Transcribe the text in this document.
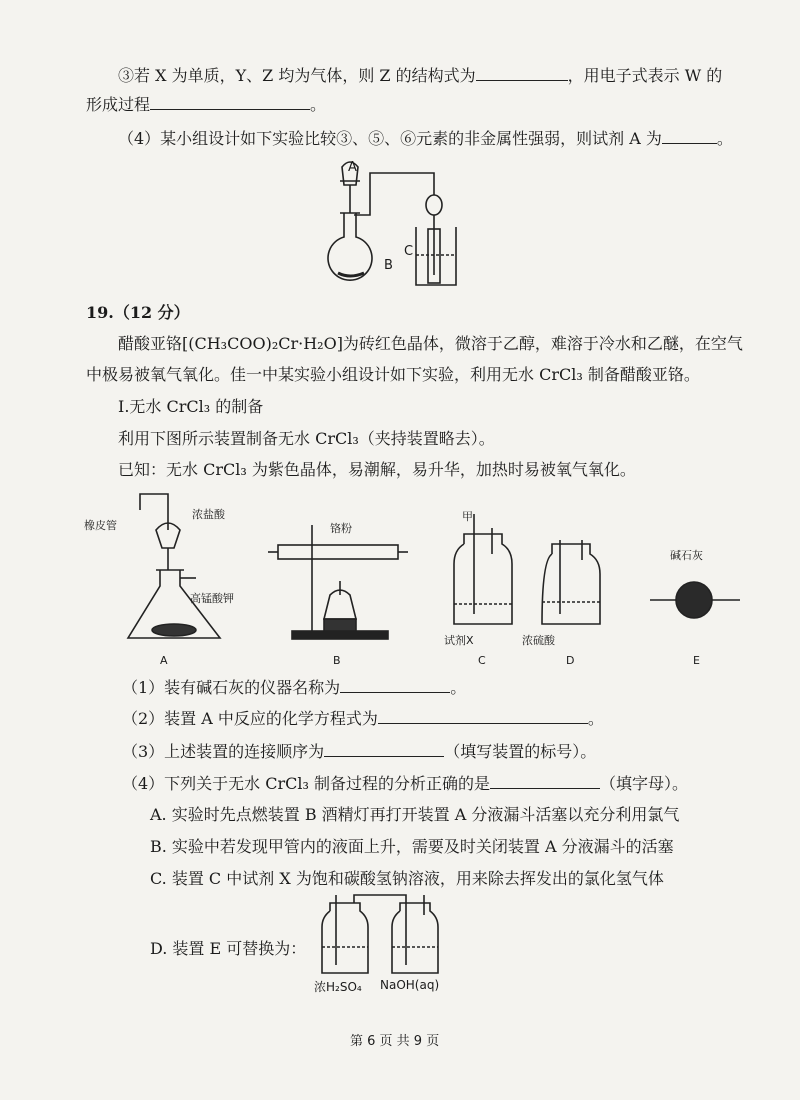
③若 X 为单质，Y、Z 均为气体，则 Z 的结构式为	，用电子式表示 W 的
形成过程	。
（4）某小组设计如下实验比较③、⑤、⑥元素的非金属性强弱，则试剂 A 为	。
A
B
C
19.（12 分）
醋酸亚铬[(CH₃COO)₂Cr·H₂O]为砖红色晶体，微溶于乙醇，难溶于冷水和乙醚，在空气
中极易被氧气氧化。佳一中某实验小组设计如下实验，利用无水 CrCl₃ 制备醋酸亚铬。
Ⅰ.无水 CrCl₃ 的制备
利用下图所示装置制备无水 CrCl₃（夹持装置略去）。
已知：无水 CrCl₃ 为紫色晶体，易潮解，易升华，加热时易被氧气氧化。
橡皮管
浓盐酸
高锰酸钾
A
铬粉
B
甲
试剂X
C
浓硫酸
D
碱石灰
E
（1）装有碱石灰的仪器名称为	。
（2）装置 A 中反应的化学方程式为	。
（3）上述装置的连接顺序为	（填写装置的标号）。
（4）下列关于无水 CrCl₃ 制备过程的分析正确的是	（填字母）。
A. 实验时先点燃装置 B 酒精灯再打开装置 A 分液漏斗活塞以充分利用氯气
B. 实验中若发现甲管内的液面上升，需要及时关闭装置 A 分液漏斗的活塞
C. 装置 C 中试剂 X 为饱和碳酸氢钠溶液，用来除去挥发出的氯化氢气体
D. 装置 E 可替换为：
浓H₂SO₄ NaOH(aq)
第 6 页 共 9 页
